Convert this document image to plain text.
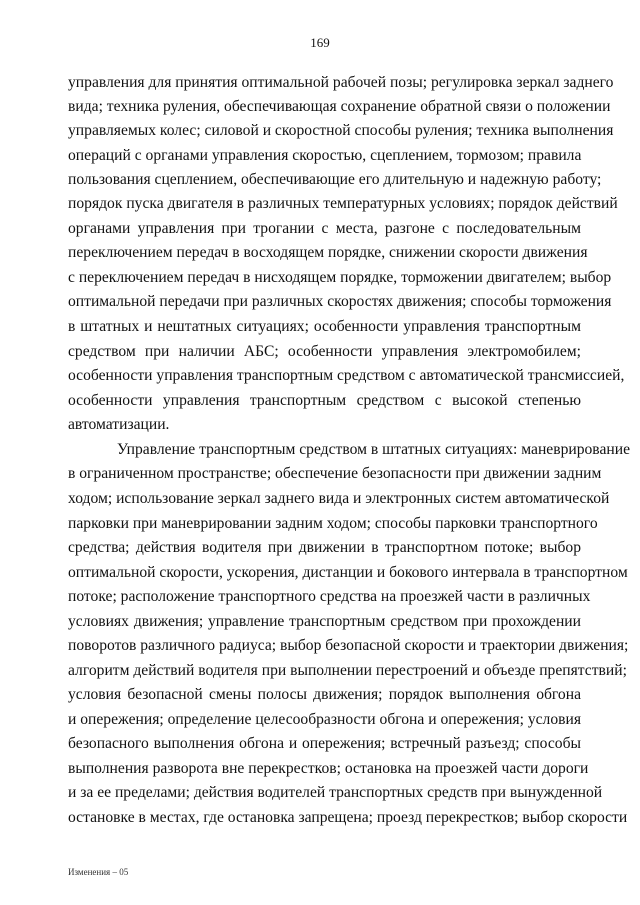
169
управления для принятия оптимальной рабочей позы; регулировка зеркал заднего
вида; техника руления, обеспечивающая сохранение обратной связи о положении
управляемых колес; силовой и скоростной способы руления; техника выполнения
операций с органами управления скоростью, сцеплением, тормозом; правила
пользования сцеплением, обеспечивающие его длительную и надежную работу;
порядок пуска двигателя в различных температурных условиях; порядок действий
органами управления при трогании с места, разгоне с последовательным
переключением передач в восходящем порядке, снижении скорости движения
с переключением передач в нисходящем порядке, торможении двигателем; выбор
оптимальной передачи при различных скоростях движения; способы торможения
в штатных и нештатных ситуациях; особенности управления транспортным
средством при наличии АБС; особенности управления электромобилем;
особенности управления транспортным средством с автоматической трансмиссией,
особенности управления транспортным средством с высокой степенью
автоматизации.
Управление транспортным средством в штатных ситуациях: маневрирование
в ограниченном пространстве; обеспечение безопасности при движении задним
ходом; использование зеркал заднего вида и электронных систем автоматической
парковки при маневрировании задним ходом; способы парковки транспортного
средства; действия водителя при движении в транспортном потоке; выбор
оптимальной скорости, ускорения, дистанции и бокового интервала в транспортном
потоке; расположение транспортного средства на проезжей части в различных
условиях движения; управление транспортным средством при прохождении
поворотов различного радиуса; выбор безопасной скорости и траектории движения;
алгоритм действий водителя при выполнении перестроений и объезде препятствий;
условия безопасной смены полосы движения; порядок выполнения обгона
и опережения; определение целесообразности обгона и опережения; условия
безопасного выполнения обгона и опережения; встречный разъезд; способы
выполнения разворота вне перекрестков; остановка на проезжей части дороги
и за ее пределами; действия водителей транспортных средств при вынужденной
остановке в местах, где остановка запрещена; проезд перекрестков; выбор скорости
Изменения – 05
